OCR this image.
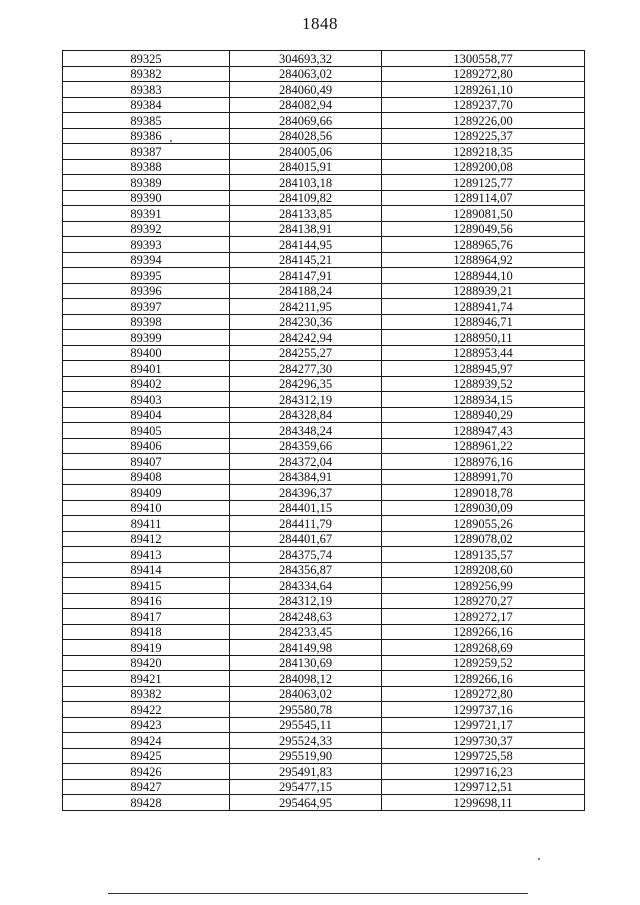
1848
89325	304693,32	1300558,77
89382	284063,02	1289272,80
89383	284060,49	1289261,10
89384	284082,94	1289237,70
89385	284069,66	1289226,00
89386	284028,56	1289225,37
89387	284005,06	1289218,35
89388	284015,91	1289200,08
89389	284103,18	1289125,77
89390	284109,82	1289114,07
89391	284133,85	1289081,50
89392	284138,91	1289049,56
89393	284144,95	1288965,76
89394	284145,21	1288964,92
89395	284147,91	1288944,10
89396	284188,24	1288939,21
89397	284211,95	1288941,74
89398	284230,36	1288946,71
89399	284242,94	1288950,11
89400	284255,27	1288953,44
89401	284277,30	1288945,97
89402	284296,35	1288939,52
89403	284312,19	1288934,15
89404	284328,84	1288940,29
89405	284348,24	1288947,43
89406	284359,66	1288961,22
89407	284372,04	1288976,16
89408	284384,91	1288991,70
89409	284396,37	1289018,78
89410	284401,15	1289030,09
89411	284411,79	1289055,26
89412	284401,67	1289078,02
89413	284375,74	1289135,57
89414	284356,87	1289208,60
89415	284334,64	1289256,99
89416	284312,19	1289270,27
89417	284248,63	1289272,17
89418	284233,45	1289266,16
89419	284149,98	1289268,69
89420	284130,69	1289259,52
89421	284098,12	1289266,16
89382	284063,02	1289272,80
89422	295580,78	1299737,16
89423	295545,11	1299721,17
89424	295524,33	1299730,37
89425	295519,90	1299725,58
89426	295491,83	1299716,23
89427	295477,15	1299712,51
89428	295464,95	1299698,11
